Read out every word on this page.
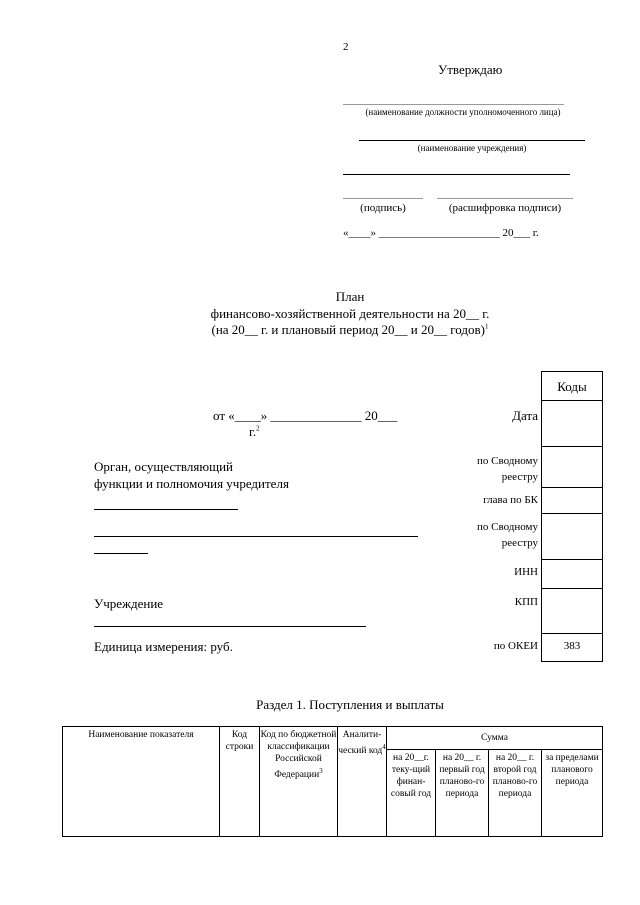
2
Утверждаю
(наименование должности уполномоченного лица)
(наименование учреждения)
(подпись)	(расшифровка подписи)
«____» ______________________ 20___ г.
План
финансово-хозяйственной деятельности на 20__ г.
(на 20__ г. и плановый период 20__ и 20__ годов)$^1$
от «____» ______________ 20___
г.$^2$
Орган, осуществляющий
функции и полномочия учредителя
Учреждение
Единица измерения: руб.
Коды
383
Дата
по Сводному реестру
глава по БК
по Сводному реестру
ИНН
КПП
по ОКЕИ
Раздел 1. Поступления и выплаты
Наименование показателя	Код строки
Код по бюджетной классификации Российской Федерации$^3$
Аналити-ческий код$^4$
Сумма
на 20__г. теку-щий финан-совый год
на 20__ г. первый год планово-го периода
на 20__ г. второй год планово-го периода
за пределами планового периода
